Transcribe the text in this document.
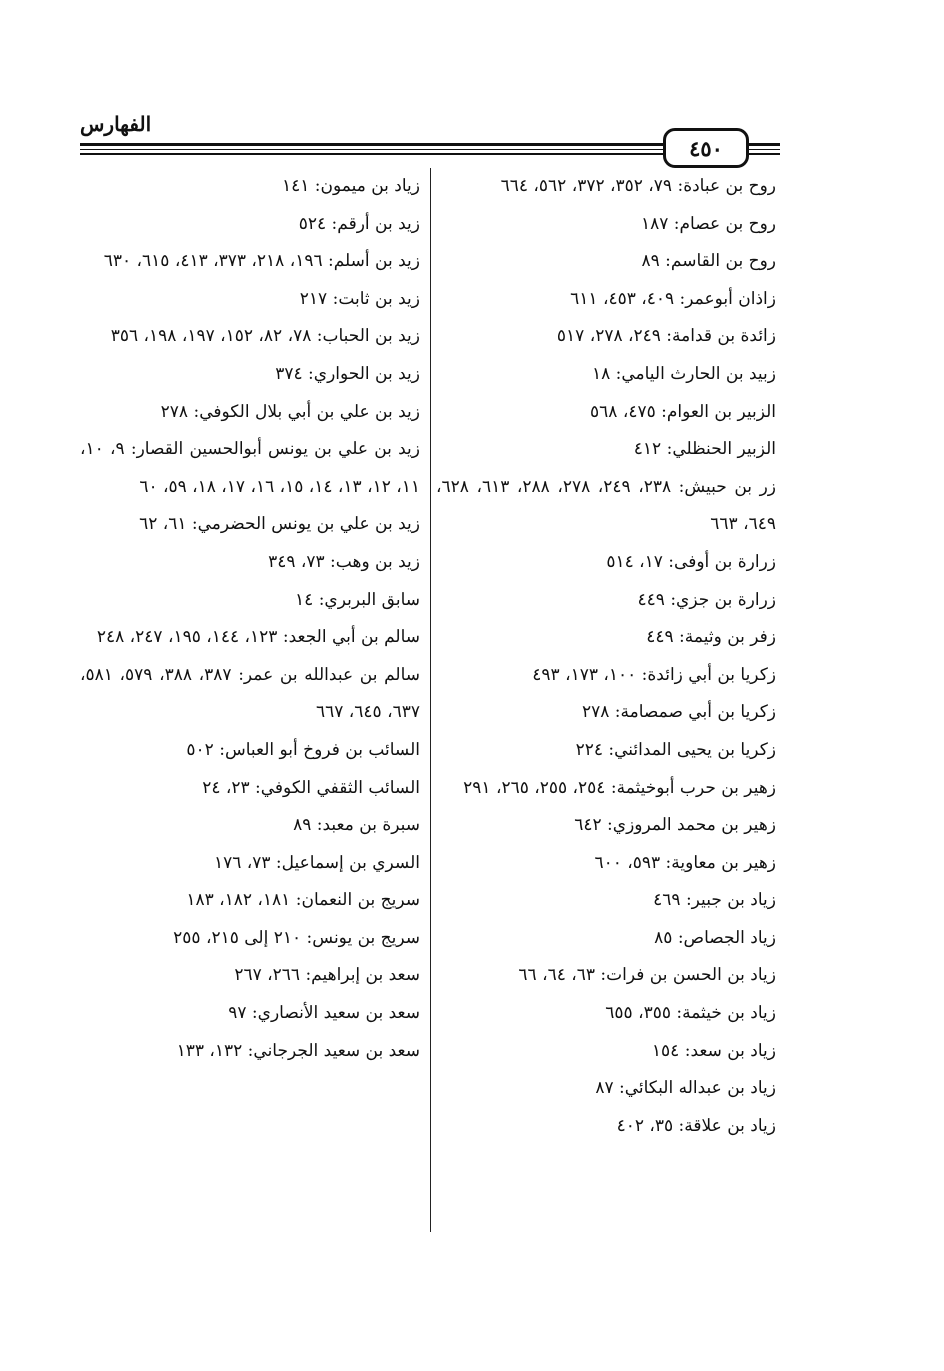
الفهارس
٤٥٠
روح بن عبادة: ٧٩، ٣٥٢، ٣٧٢، ٥٦٢، ٦٦٤
روح بن عصام: ١٨٧
روح بن القاسم: ٨٩
زاذان أبوعمر: ٤٠٩، ٤٥٣، ٦١١
زائدة بن قدامة: ٢٤٩، ٢٧٨، ٥١٧
زبيد بن الحارث اليامي: ١٨
الزبير بن العوام: ٤٧٥، ٥٦٨
الزبير الحنظلي: ٤١٢
زر بن حبيش: ٢٣٨، ٢٤٩، ٢٧٨، ٢٨٨، ٦١٣، ٦٢٨، ٦٤٩، ٦٦٣
زرارة بن أوفى: ١٧، ٥١٤
زرارة بن جزي: ٤٤٩
زفر بن وثيمة: ٤٤٩
زكريا بن أبي زائدة: ١٠٠، ١٧٣، ٤٩٣
زكريا بن أبي صمصامة: ٢٧٨
زكريا بن يحيى المدائني: ٢٢٤
زهير بن حرب أبوخيثمة: ٢٥٤، ٢٥٥، ٢٦٥، ٢٩١
زهير بن محمد المروزي: ٦٤٢
زهير بن معاوية: ٥٩٣، ٦٠٠
زياد بن جبير: ٤٦٩
زياد الجصاص: ٨٥
زياد بن الحسن بن فرات: ٦٣، ٦٤، ٦٦
زياد بن خيثمة: ٣٥٥، ٦٥٥
زياد بن سعد: ١٥٤
زياد بن عبداله البكائي: ٨٧
زياد بن علاقة: ٣٥، ٤٠٢
زياد بن ميمون: ١٤١
زيد بن أرقم: ٥٢٤
زيد بن أسلم: ١٩٦، ٢١٨، ٣٧٣، ٤١٣، ٦١٥، ٦٣٠
زيد بن ثابت: ٢١٧
زيد بن الحباب: ٧٨، ٨٢، ١٥٢، ١٩٧، ١٩٨، ٣٥٦
زيد بن الحواري: ٣٧٤
زيد بن علي بن أبي بلال الكوفي: ٢٧٨
زيد بن علي بن يونس أبوالحسين القصار: ٩، ١٠، ١١، ١٢، ١٣، ١٤، ١٥، ١٦، ١٧، ١٨، ٥٩، ٦٠
زيد بن علي بن يونس الحضرمي: ٦١، ٦٢
زيد بن وهب: ٧٣، ٣٤٩
سابق البربري: ١٤
سالم بن أبي الجعد: ١٢٣، ١٤٤، ١٩٥، ٢٤٧، ٢٤٨
سالم بن عبدالله بن عمر: ٣٨٧، ٣٨٨، ٥٧٩، ٥٨١، ٦٣٧، ٦٤٥، ٦٦٧
السائب بن فروخ أبو العباس: ٥٠٢
السائب الثقفي الكوفي: ٢٣، ٢٤
سبرة بن معبد: ٨٩
السري بن إسماعيل: ٧٣، ١٧٦
سريج بن النعمان: ١٨١، ١٨٢، ١٨٣
سريج بن يونس: ٢١٠ إلى ٢١٥، ٢٥٥
سعد بن إبراهيم: ٢٦٦، ٢٦٧
سعد بن سعيد الأنصاري: ٩٧
سعد بن سعيد الجرجاني: ١٣٢، ١٣٣
